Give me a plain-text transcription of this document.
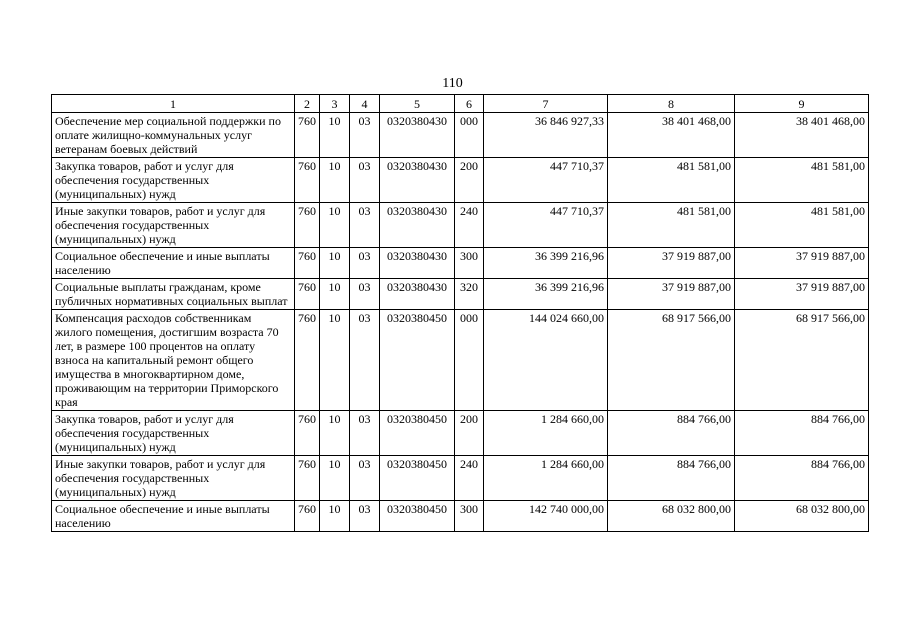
110
1	2	3	4	5	6	7	8	9
Обеспечение мер социальной поддержки по оплате жилищно-коммунальных услуг ветеранам боевых действий	760	10	03	0320380430	000	36 846 927,33	38 401 468,00	38 401 468,00
Закупка товаров, работ и услуг для обеспечения государственных (муниципальных) нужд	760	10	03	0320380430	200	447 710,37	481 581,00	481 581,00
Иные закупки товаров, работ и услуг для обеспечения государственных (муниципальных) нужд	760	10	03	0320380430	240	447 710,37	481 581,00	481 581,00
Социальное обеспечение и иные выплаты населению	760	10	03	0320380430	300	36 399 216,96	37 919 887,00	37 919 887,00
Социальные выплаты гражданам, кроме публичных нормативных социальных выплат	760	10	03	0320380430	320	36 399 216,96	37 919 887,00	37 919 887,00
Компенсация расходов собственникам жилого помещения, достигшим возраста 70 лет, в размере 100 процентов на оплату взноса на капитальный ремонт общего имущества в многоквартирном доме, проживающим на территории Приморского края	760	10	03	0320380450	000	144 024 660,00	68 917 566,00	68 917 566,00
Закупка товаров, работ и услуг для обеспечения государственных (муниципальных) нужд	760	10	03	0320380450	200	1 284 660,00	884 766,00	884 766,00
Иные закупки товаров, работ и услуг для обеспечения государственных (муниципальных) нужд	760	10	03	0320380450	240	1 284 660,00	884 766,00	884 766,00
Социальное обеспечение и иные выплаты населению	760	10	03	0320380450	300	142 740 000,00	68 032 800,00	68 032 800,00
